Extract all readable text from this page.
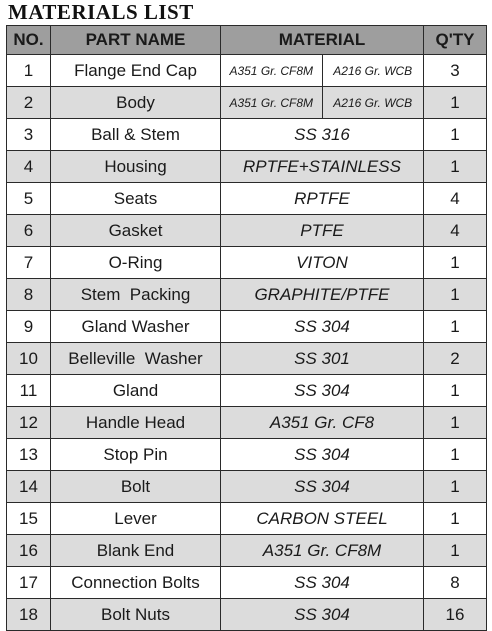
MATERIALS LIST
NO.	PART NAME	MATERIAL	Q'TY
1	Flange End Cap	A351 Gr. CF8M A216 Gr. WCB	3
2	Body	A351 Gr. CF8M A216 Gr. WCB	1
3	Ball & Stem	SS 316	1
4	Housing	RPTFE+STAINLESS	1
5	Seats	RPTFE	4
6	Gasket	PTFE	4
7	O-Ring	VITON	1
8	Stem  Packing	GRAPHITE/PTFE	1
9	Gland Washer	SS 304	1
10	Belleville  Washer	SS 301	2
11	Gland	SS 304	1
12	Handle Head	A351 Gr. CF8	1
13	Stop Pin	SS 304	1
14	Bolt	SS 304	1
15	Lever	CARBON STEEL	1
16	Blank End	A351 Gr. CF8M	1
17	Connection Bolts	SS 304	8
18	Bolt Nuts	SS 304	16
